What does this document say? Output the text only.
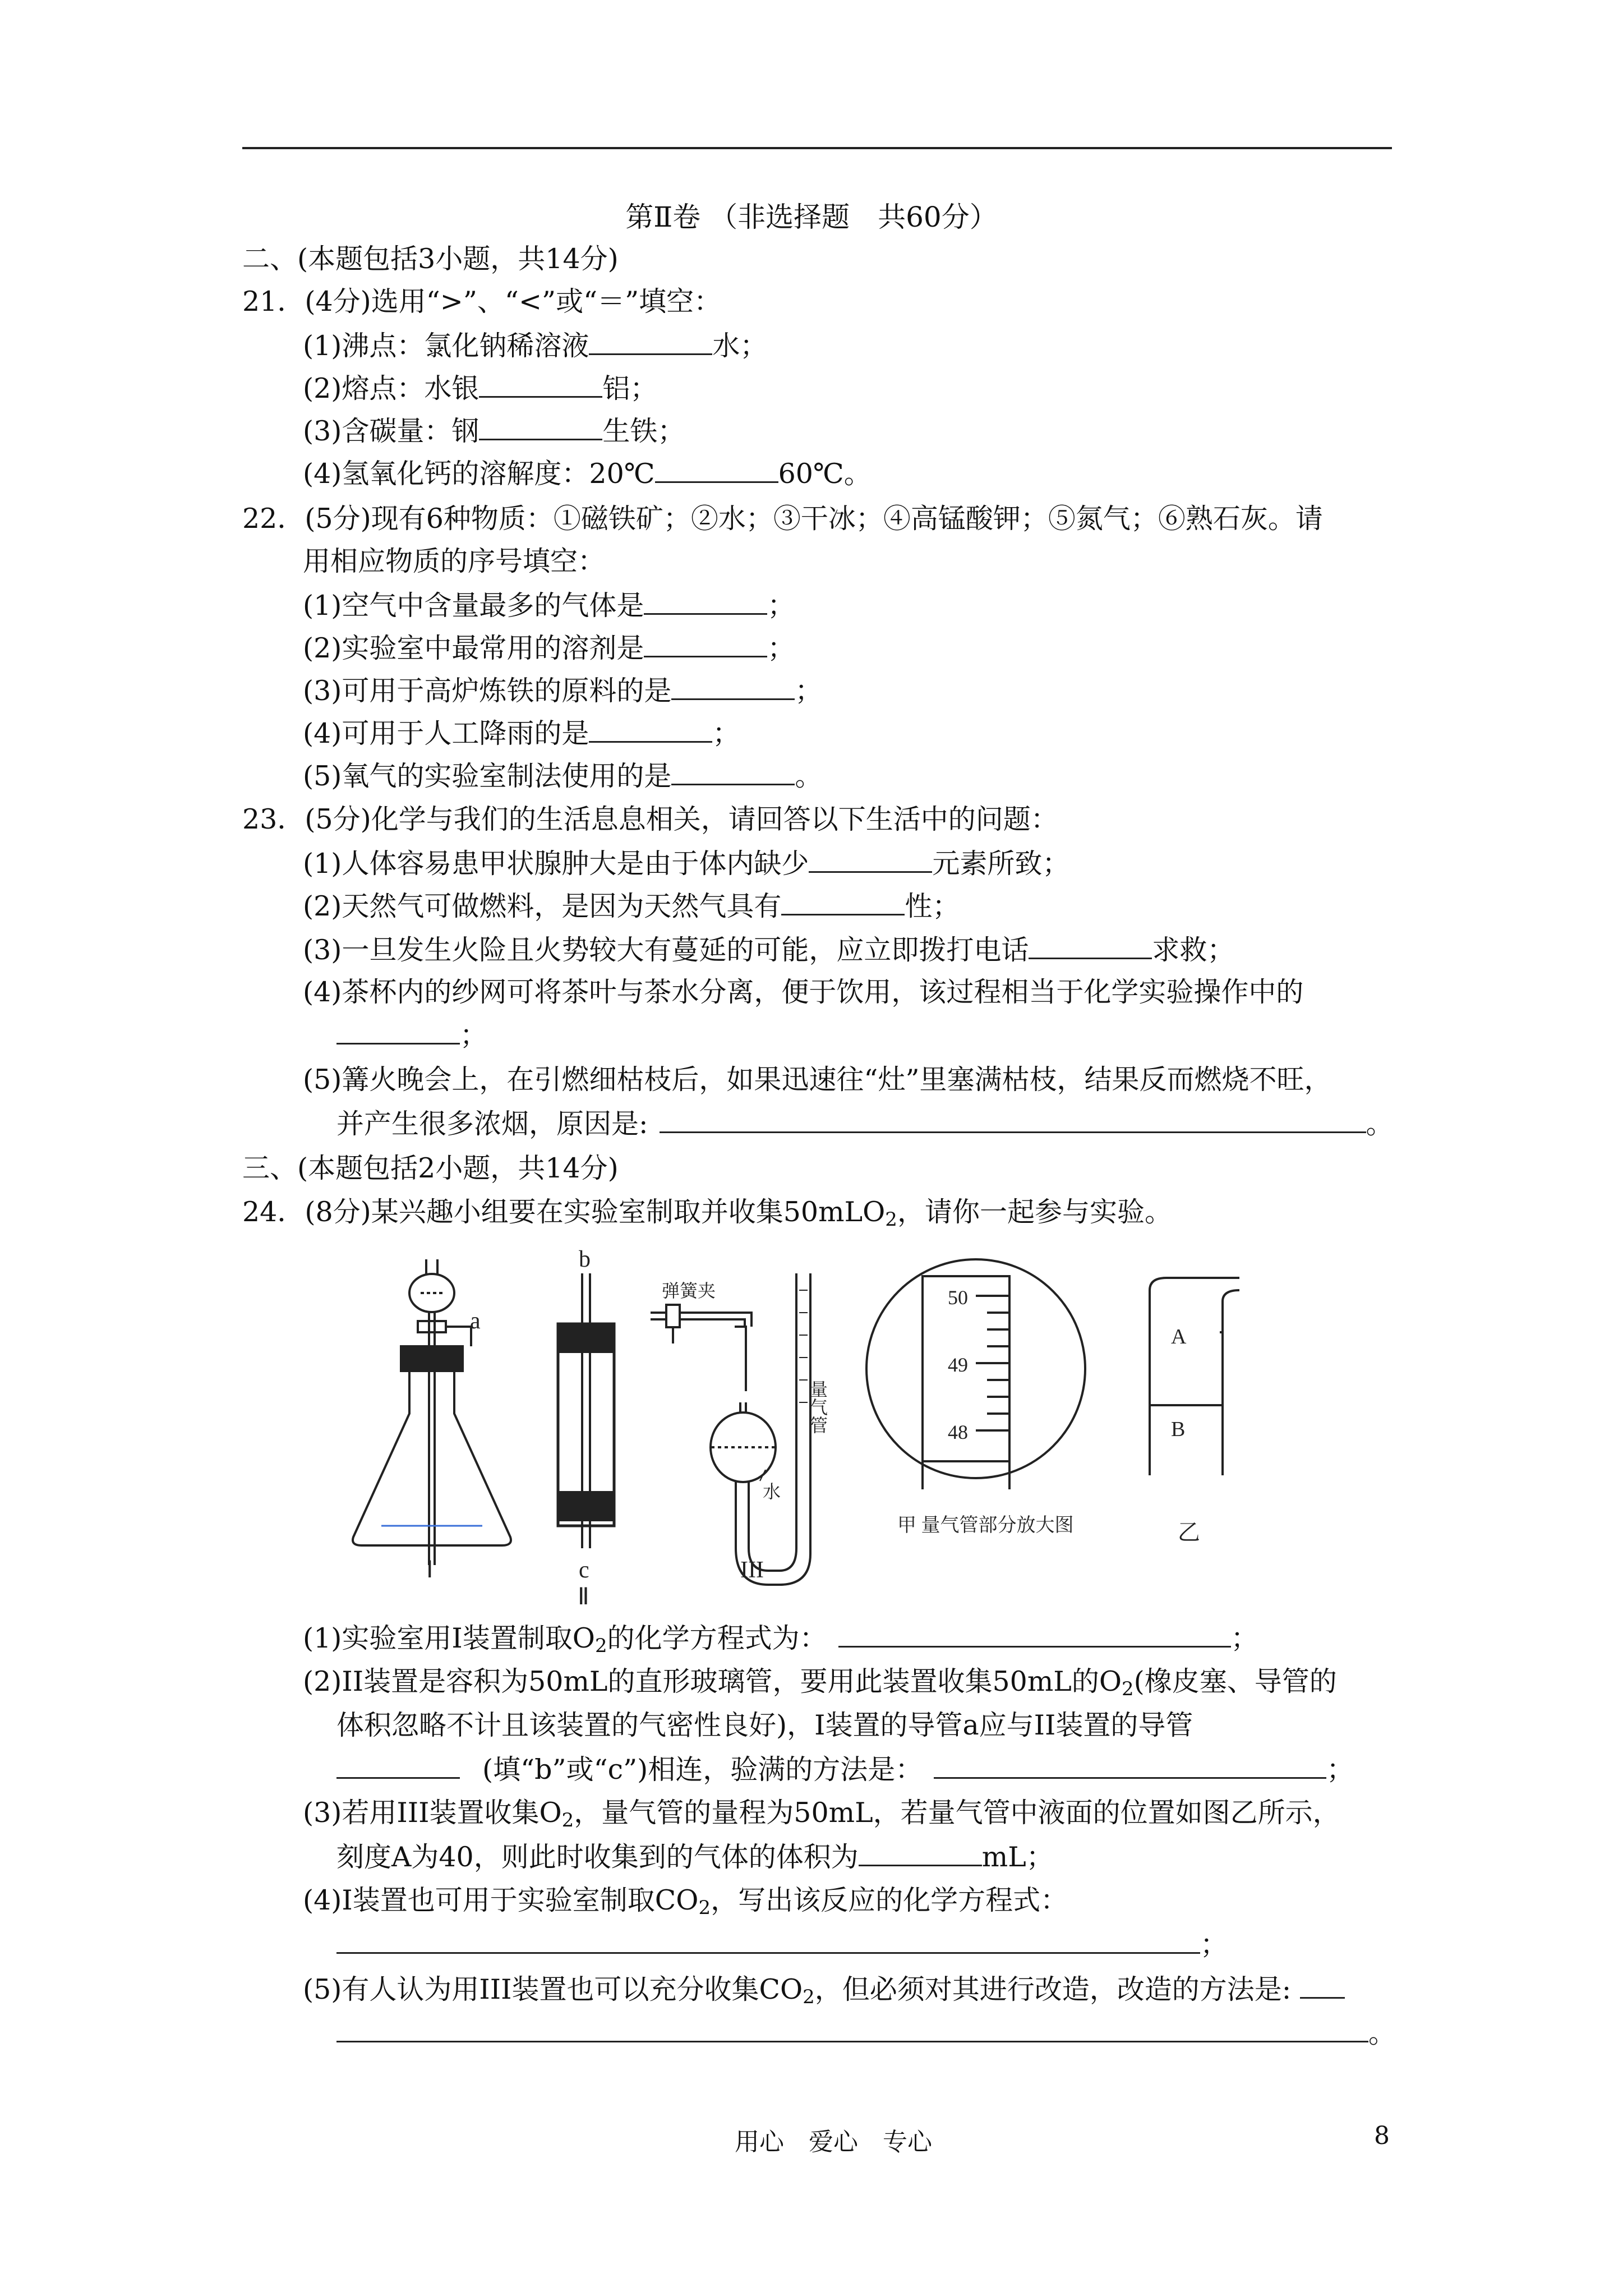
第Ⅱ卷 （非选择题　共60分）
二、(本题包括3小题，共14分)
21．(4分)选用“>”、“<”或“＝”填空：
(1)沸点：氯化钠稀溶液	水；
(2)熔点：水银	铝；
(3)含碳量：钢	生铁；
(4)氢氧化钙的溶解度：20℃	60℃。
22．(5分)现有6种物质：①磁铁矿；②水；③干冰；④高锰酸钾；⑤氮气；⑥熟石灰。请
用相应物质的序号填空：
(1)空气中含量最多的气体是	；
(2)实验室中最常用的溶剂是	；
(3)可用于高炉炼铁的原料的是	；
(4)可用于人工降雨的是	；
(5)氧气的实验室制法使用的是	。
23．(5分)化学与我们的生活息息相关，请回答以下生活中的问题：
(1)人体容易患甲状腺肿大是由于体内缺少	元素所致；
(2)天然气可做燃料，是因为天然气具有	性；
(3)一旦发生火险且火势较大有蔓延的可能，应立即拨打电话	求救；
(4)茶杯内的纱网可将茶叶与茶水分离，便于饮用，该过程相当于化学实验操作中的
；
(5)篝火晚会上，在引燃细枯枝后，如果迅速往“灶”里塞满枯枝，结果反而燃烧不旺，
并产生很多浓烟，原因是:	。
三、(本题包括2小题，共14分)
24．(8分)某兴趣小组要在实验室制取并收集50mLO$_2$，请你一起参与实验。
a
b
c
弹簧夹
量气管
水
50
49
48
A
B
Ⅰ
Ⅱ
III
甲 量气管部分放大图	乙
(1)实验室用Ⅰ装置制取$O_2$的化学方程式为：	；
(2)II装置是容积为50mL的直形玻璃管，要用此装置收集50mL的$O_2$(橡皮塞、导管的
体积忽略不计且该装置的气密性良好)，Ⅰ装置的导管a应与II装置的导管
(填“b”或“c”)相连，验满的方法是：	；
(3)若用III装置收集$O_2$，量气管的量程为50mL，若量气管中液面的位置如图乙所示，
刻度A为40，则此时收集到的气体的体积为	mL；
(4)Ⅰ装置也可用于实验室制取$CO_2$，写出该反应的化学方程式：
；
(5)有人认为用III装置也可以充分收集$CO_2$，但必须对其进行改造，改造的方法是:
。
用心　爱心　专心	8
